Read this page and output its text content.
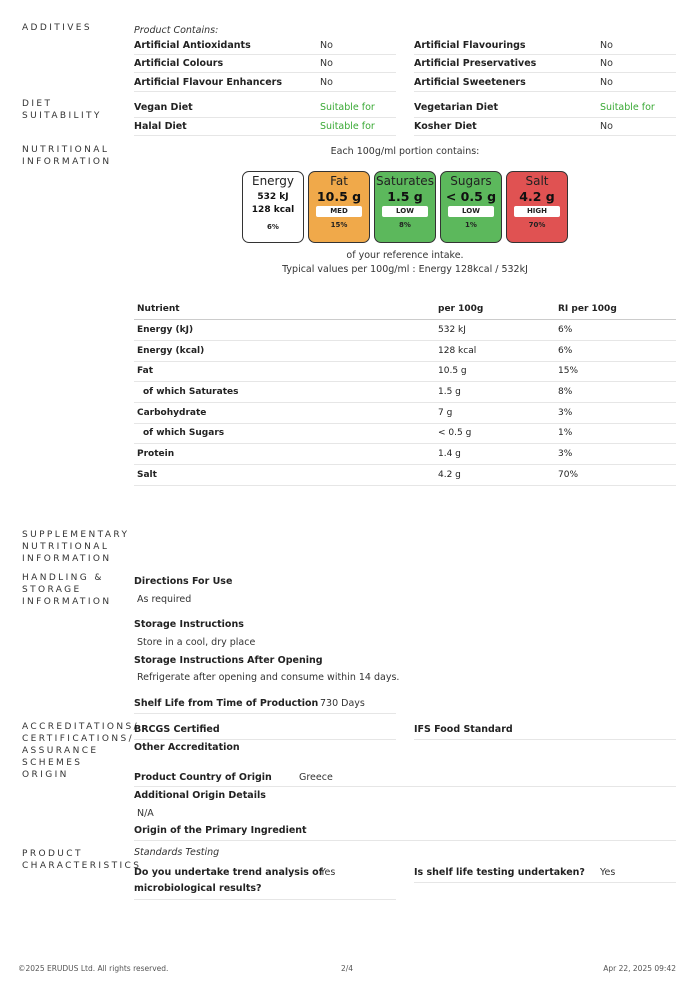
ADDITIVES	Product Contains:
Artificial Antioxidants	No	Artificial Flavourings	No
Artificial Colours	No	Artificial Preservatives	No
Artificial Flavour Enhancers	No	Artificial Sweeteners	No
DIET
SUITABILITY
Vegan Diet	Suitable for	Vegetarian Diet	Suitable for
Halal Diet	Suitable for	Kosher Diet	No
NUTRITIONAL
INFORMATION
Each 100g/ml portion contains:
Energy
532 kJ
128 kcal
6%
Fat
10.5 g
MED
15%
Saturates
1.5 g
LOW
8%
Sugars
< 0.5 g
LOW
1%
Salt
4.2 g
HIGH
70%
of your reference intake.
Typical values per 100g/ml : Energy 128kcal / 532kJ
Nutrient	per 100g	RI per 100g
Energy (kJ)	532 kJ	6%
Energy (kcal)	128 kcal	6%
Fat	10.5 g	15%
of which Saturates	1.5 g	8%
Carbohydrate	7 g	3%
of which Sugars	< 0.5 g	1%
Protein	1.4 g	3%
Salt	4.2 g	70%
SUPPLEMENTARY
NUTRITIONAL
INFORMATION
HANDLING &
STORAGE
INFORMATION
Directions For Use
As required
Storage Instructions
Store in a cool, dry place
Storage Instructions After Opening
Refrigerate after opening and consume within 14 days.
Shelf Life from Time of Production 730 Days
ACCREDITATIONS/
CERTIFICATIONS/
ASSURANCE
SCHEMES
ORIGIN
BRCGS Certified	IFS Food Standard
Other Accreditation
Product Country of Origin	Greece
Additional Origin Details
N/A
Origin of the Primary Ingredient
PRODUCT
CHARACTERISTICS
Standards Testing
Do you undertake trend analysis of
microbiological results?
Yes	Is shelf life testing undertaken? Yes
©2025 ERUDUS Ltd. All rights reserved.	2/4	Apr 22, 2025 09:42
